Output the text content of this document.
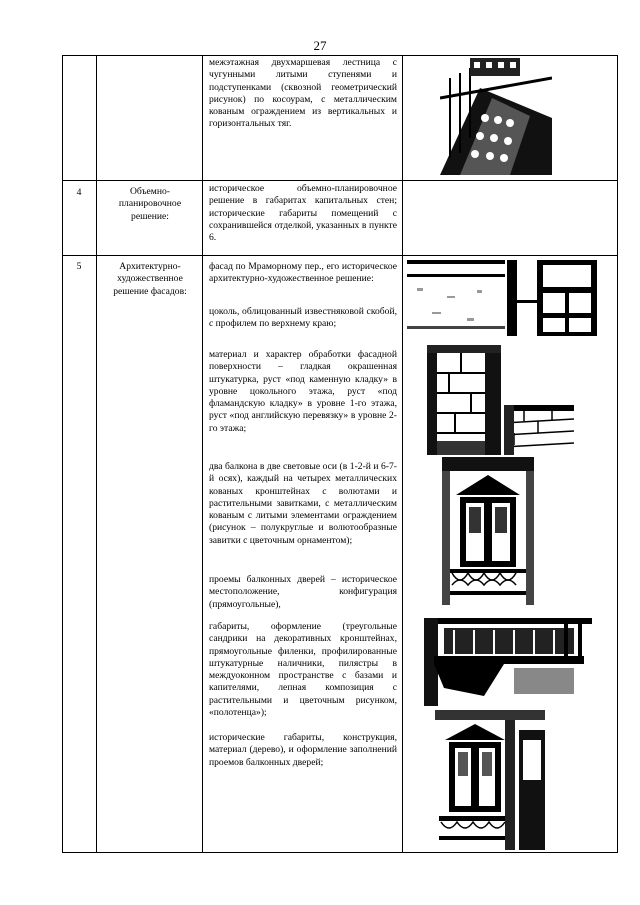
27
межэтажная двухмаршевая лестница с чугунными литыми ступенями и подступенками (сквозной геометрический рисунок) по косоурам, с металлическим кованым ограждением из вертикальных и горизонтальных тяг.
4	Объемно-планировочное решение:
историческое объемно-планировочное решение в габаритах капитальных стен; исторические габариты помещений с сохранившейся отделкой, указанных в пункте 6.
5	Архитектурно-художественное решение фасадов:
фасад по Мраморному пер., его историческое архитектурно-художественное решение:
цоколь, облицованный известняковой скобой, с профилем по верхнему краю;
материал и характер обработки фасадной поверхности – гладкая окрашенная штукатурка, руст «под каменную кладку» в уровне цокольного этажа, руст «под фламандскую кладку» в уровне 1-го этажа, руст «под английскую перевязку» в уровне 2-го этажа;
два балкона в две световые оси (в 1-2-й и 6-7-й осях), каждый на четырех металлических кованых кронштейнах с волютами и растительными завитками, с металлическим кованым с литыми элементами ограждением (рисунок – полукруглые и волютообразные завитки с цветочным орнаментом);
проемы балконных дверей – историческое местоположение, конфигурация (прямоугольные),
габариты, оформление (треугольные сандрики на декоративных кронштейнах, прямоугольные филенки, профилированные штукатурные наличники, пилястры в междуоконном пространстве с базами и капителями, лепная композиция с растительными и цветочным рисунком, «полотенца»);
исторические габариты, конструкция, материал (дерево), и оформление заполнений проемов балконных дверей;
